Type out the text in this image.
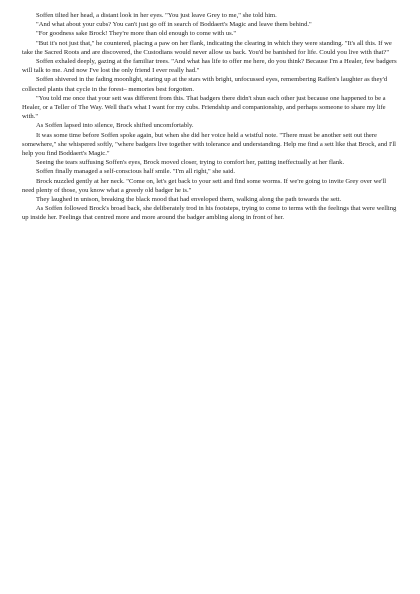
Soffen tilted her head, a distant look in her eyes. "You just leave Grey to me," she told him.

"And what about your cubs? You can't just go off in search of Boddaert's Magic and leave them behind."

"For goodness sake Brock! They're more than old enough to come with us."

"But it's not just that," he countered, placing a paw on her flank, indicating the clearing in which they were standing. "It's all this. If we take the Sacred Roots and are discovered, the Custodians would never allow us back. You'd be banished for life. Could you live with that?"

Soffen exhaled deeply, gazing at the familiar trees. "And what has life to offer me here, do you think? Because I'm a Healer, few badgers will talk to me. And now I've lost the only friend I ever really had."

Soffen shivered in the fading moonlight, staring up at the stars with bright, unfocussed eyes, remembering Raffen's laughter as they'd collected plants that cycle in the forest– memories best forgotten.

"You told me once that your sett was different from this. That badgers there didn't shun each other just because one happened to be a Healer, or a Teller of The Way. Well that's what I want for my cubs. Friendship and companionship, and perhaps someone to share my life with."

As Soffen lapsed into silence, Brock shifted uncomfortably.

It was some time before Soffen spoke again, but when she did her voice held a wistful note. "There must be another sett out there somewhere," she whispered softly, "where badgers live together with tolerance and understanding. Help me find a sett like that Brock, and I'll help you find Boddaert's Magic."

Seeing the tears suffusing Soffen's eyes, Brock moved closer, trying to comfort her, patting ineffectually at her flank.

Soffen finally managed a self-conscious half smile. "I'm all right," she said.

Brock nuzzled gently at her neck. "Come on, let's get back to your sett and find some worms. If we're going to invite Grey over we'll need plenty of those, you know what a greedy old badger he is."

They laughed in unison, breaking the black mood that had enveloped them, walking along the path towards the sett.

As Soffen followed Brock's broad back, she deliberately trod in his footsteps, trying to come to terms with the feelings that were welling up inside her. Feelings that centred more and more around the badger ambling along in front of her.
